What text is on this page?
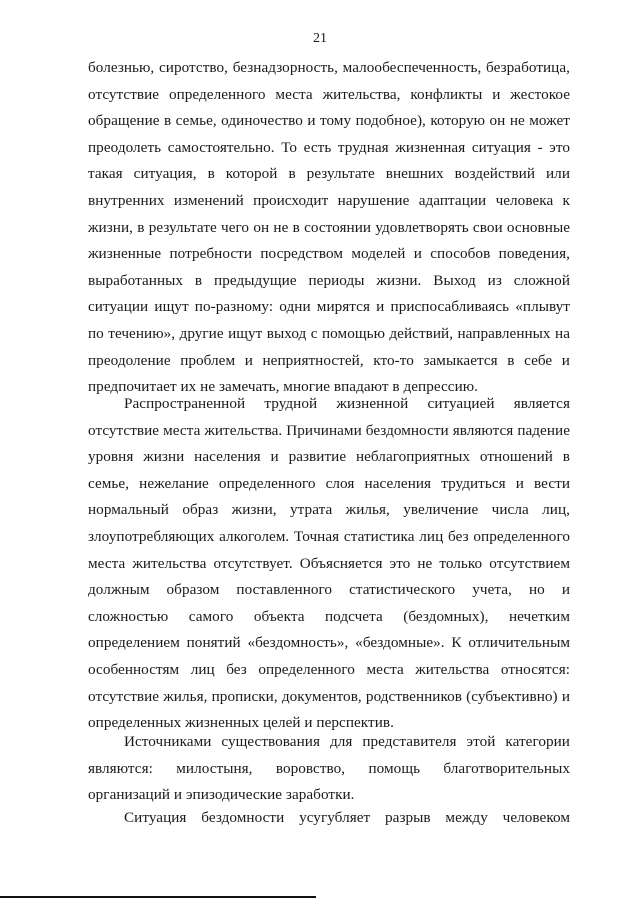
21

болезнью, сиротство, безнадзорность, малообеспеченность, безработица, отсутствие определенного места жительства, конфликты и жестокое обращение в семье, одиночество и тому подобное), которую он не может преодолеть самостоятельно. То есть трудная жизненная ситуация - это такая ситуация, в которой в результате внешних воздействий или внутренних изменений происходит нарушение адаптации человека к жизни, в результате чего он не в состоянии удовлетворять свои основные жизненные потребности посредством моделей и способов поведения, выработанных в предыдущие периоды жизни. Выход из сложной ситуации ищут по-разному: одни мирятся и приспосабливаясь «плывут по течению», другие ищут выход с помощью действий, направленных на преодоление проблем и неприятностей, кто-то замыкается в себе и предпочитает их не замечать, многие впадают в депрессию.

Распространенной трудной жизненной ситуацией является отсутствие места жительства. Причинами бездомности являются падение уровня жизни населения и развитие неблагоприятных отношений в семье, нежелание определенного слоя населения трудиться и вести нормальный образ жизни, утрата жилья, увеличение числа лиц, злоупотребляющих алкоголем. Точная статистика лиц без определенного места жительства отсутствует. Объясняется это не только отсутствием должным образом поставленного статистического учета, но и сложностью самого объекта подсчета (бездомных), нечетким определением понятий «бездомность», «бездомные». К отличительным особенностям лиц без определенного места жительства относятся: отсутствие жилья, прописки, документов, родственников (субъективно) и определенных жизненных целей и перспектив.

Источниками существования для представителя этой категории являются: милостыня, воровство, помощь благотворительных организаций и эпизодические заработки.

Ситуация бездомности усугубляет разрыв между человеком
